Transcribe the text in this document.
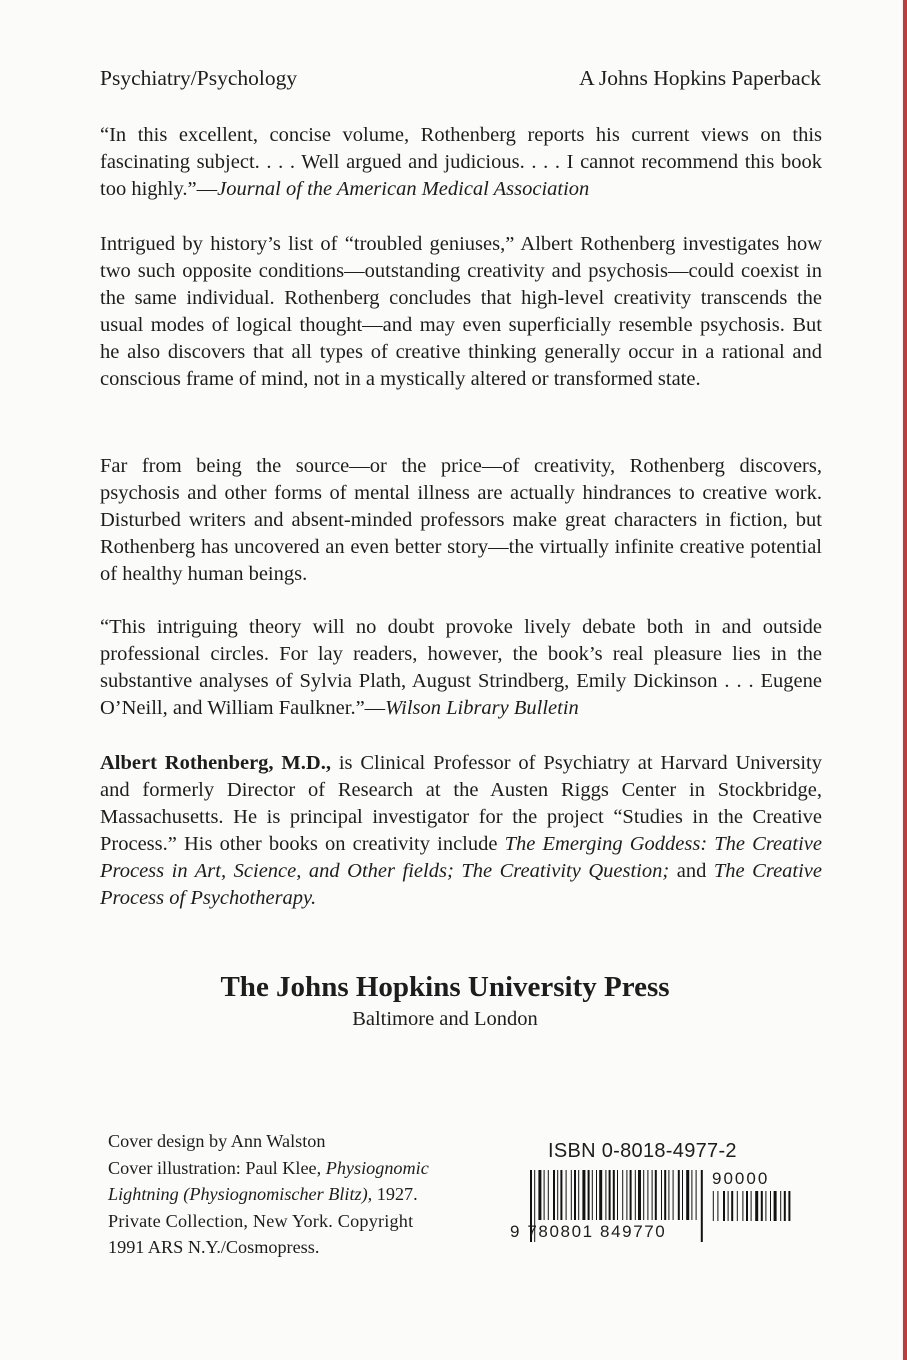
Psychiatry/Psychology	A Johns Hopkins Paperback
“In this excellent, concise volume, Rothenberg reports his current views on this fascinating subject. . . . Well argued and judicious. . . . I cannot recommend this book too highly.”—Journal of the American Medical Association
Intrigued by history’s list of “troubled geniuses,” Albert Rothenberg investigates how two such opposite conditions—outstanding creativity and psychosis—could coexist in the same individual. Rothenberg concludes that high-level creativity transcends the usual modes of logical thought—and may even superficially resemble psychosis. But he also discovers that all types of creative thinking generally occur in a rational and conscious frame of mind, not in a mystically altered or transformed state.
Far from being the source—or the price—of creativity, Rothenberg discovers, psychosis and other forms of mental illness are actually hindrances to creative work. Disturbed writers and absent-minded professors make great characters in fiction, but Rothenberg has uncovered an even better story—the virtually infinite creative potential of healthy human beings.
“This intriguing theory will no doubt provoke lively debate both in and outside professional circles. For lay readers, however, the book’s real pleasure lies in the substantive analyses of Sylvia Plath, August Strindberg, Emily Dickinson . . . Eugene O’Neill, and William Faulkner.”—Wilson Library Bulletin
Albert Rothenberg, M.D., is Clinical Professor of Psychiatry at Harvard University and formerly Director of Research at the Austen Riggs Center in Stockbridge, Massachusetts. He is principal investigator for the project “Studies in the Creative Process.” His other books on creativity include The Emerging Goddess: The Creative Process in Art, Science, and Other fields; The Creativity Question; and The Creative Process of Psychotherapy.
The Johns Hopkins University Press
Baltimore and London
Cover design by Ann Walston
Cover illustration: Paul Klee, Physiognomic
Lightning (Physiognomischer Blitz), 1927.
Private Collection, New York. Copyright
1991 ARS N.Y./Cosmopress.
ISBN 0-8018-4977-2
9 780801 849770
90000
